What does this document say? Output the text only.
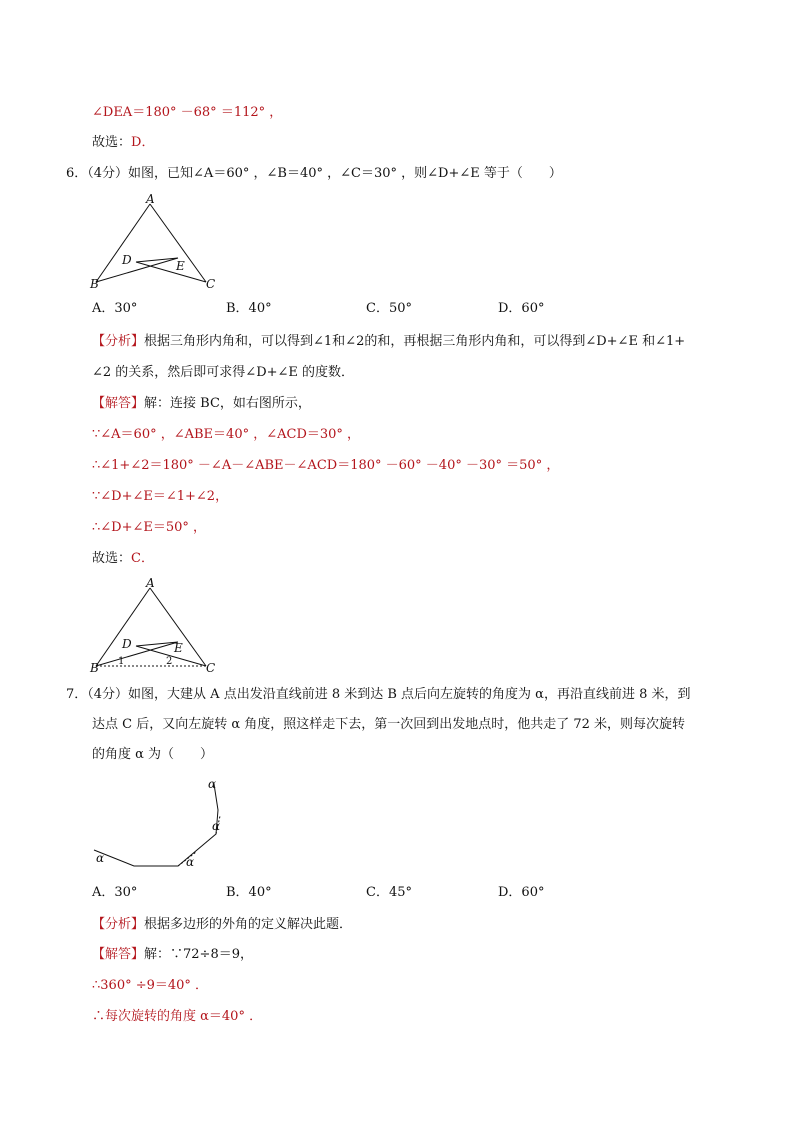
∠DEA＝180° －68° ＝112° ，
故选：D．
6．（4分）如图，已知∠A＝60° ，∠B＝40° ，∠C＝30° ，则∠D+∠E 等于（　　）
A
B	C
D	E
A．30°	B．40°	C．50°	D．60°
【分析】根据三角形内角和，可以得到∠1和∠2的和，再根据三角形内角和，可以得到∠D+∠E 和∠1+
∠2 的关系，然后即可求得∠D+∠E 的度数．
【解答】解：连接 BC，如右图所示，
∵∠A＝60° ，∠ABE＝40° ，∠ACD＝30° ，
∴∠1+∠2＝180° －∠A－∠ABE－∠ACD＝180° －60° －40° －30° ＝50° ，
∵∠D+∠E＝∠1+∠2，
∴∠D+∠E＝50° ，
故选：C．
A
B	C
D	E
1	2
7．（4分）如图，大建从 A 点出发沿直线前进 8 米到达 B 点后向左旋转的角度为 α，再沿直线前进 8 米，到
达点 C 后，又向左旋转 α 角度，照这样走下去，第一次回到出发地点时，他共走了 72 米，则每次旋转
的角度 α 为（　　）
α	α
α
α
A．30°	B．40°	C．45°	D．60°
【分析】根据多边形的外角的定义解决此题．
【解答】解：∵72÷8＝9，
∴360° ÷9＝40° ．
∴每次旋转的角度 α＝40° ．
